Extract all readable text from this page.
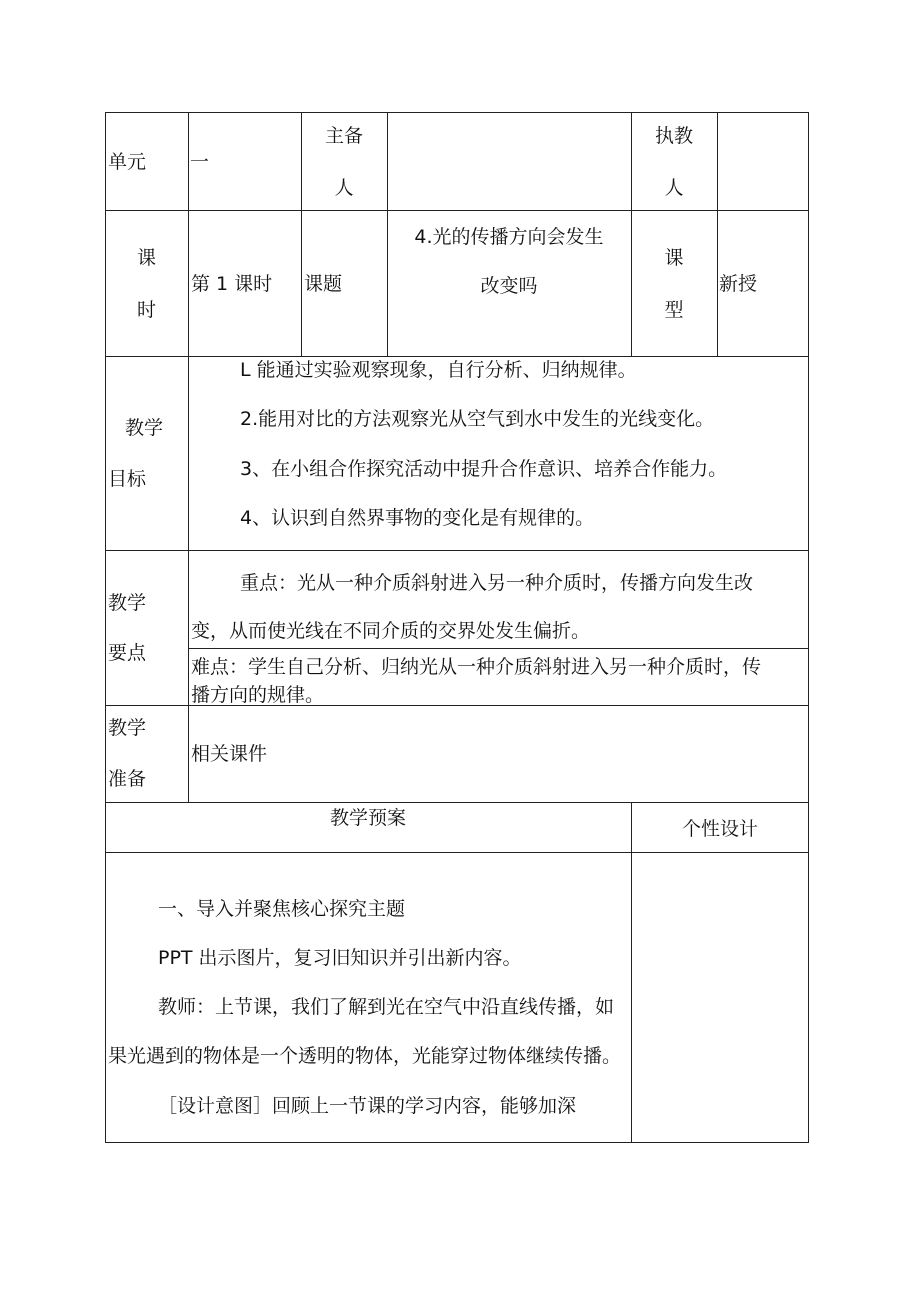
单元 一
主备
人
执教
人
课
时
第 1 课时 课题
4.光的传播方向会发生
改变吗
课
型
新授
教学
目标
L 能通过实验观察现象，自行分析、归纳规律。
2.能用对比的方法观察光从空气到水中发生的光线变化。
3、在小组合作探究活动中提升合作意识、培养合作能力。
4、认识到自然界事物的变化是有规律的。
教学
要点
重点：光从一种介质斜射进入另一种介质时，传播方向发生改
变，从而使光线在不同介质的交界处发生偏折。
难点：学生自己分析、归纳光从一种介质斜射进入另一种介质时，传
播方向的规律。
教学
准备
相关课件
教学预案	个性设计
一、导入并聚焦核心探究主题
PPT 出示图片，复习旧知识并引出新内容。
教师：上节课，我们了解到光在空气中沿直线传播，如
果光遇到的物体是一个透明的物体，光能穿过物体继续传播。
［设计意图］回顾上一节课的学习内容，能够加深
